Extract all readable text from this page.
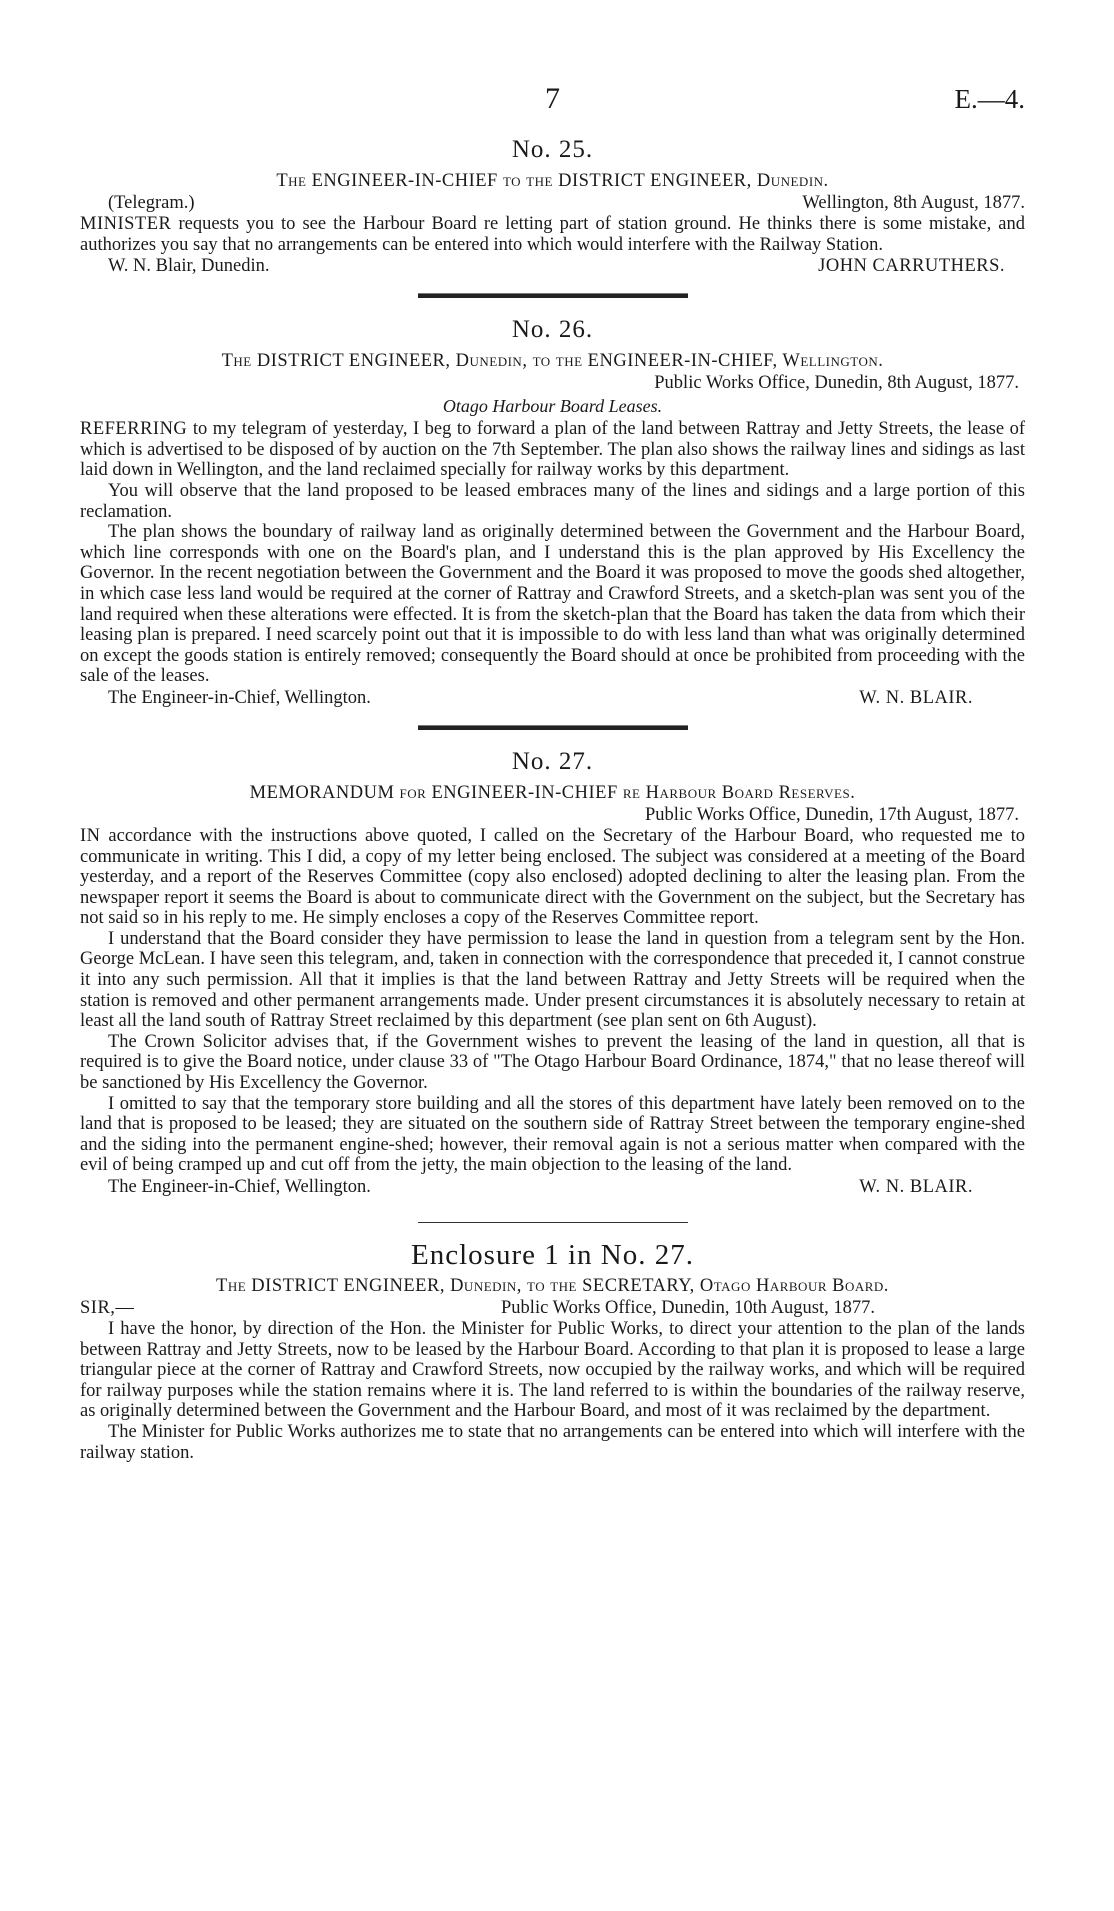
7	E.—4.
No. 25.
The ENGINEER-IN-CHIEF to the DISTRICT ENGINEER, Dunedin.
(Telegram.)	Wellington, 8th August, 1877.

MINISTER requests you to see the Harbour Board re letting part of station ground. He thinks there is some mistake, and authorizes you say that no arrangements can be entered into which would interfere with the Railway Station.

W. N. Blair, Dunedin.	JOHN CARRUTHERS.
No. 26.
The DISTRICT ENGINEER, Dunedin, to the ENGINEER-IN-CHIEF, Wellington.
Public Works Office, Dunedin, 8th August, 1877.
Otago Harbour Board Leases.

REFERRING to my telegram of yesterday, I beg to forward a plan of the land between Rattray and Jetty Streets, the lease of which is advertised to be disposed of by auction on the 7th September. The plan also shows the railway lines and sidings as last laid down in Wellington, and the land reclaimed specially for railway works by this department.

You will observe that the land proposed to be leased embraces many of the lines and sidings and a large portion of this reclamation.

The plan shows the boundary of railway land as originally determined between the Government and the Harbour Board, which line corresponds with one on the Board's plan, and I understand this is the plan approved by His Excellency the Governor. In the recent negotiation between the Government and the Board it was proposed to move the goods shed altogether, in which case less land would be required at the corner of Rattray and Crawford Streets, and a sketch-plan was sent you of the land required when these alterations were effected. It is from the sketch-plan that the Board has taken the data from which their leasing plan is prepared. I need scarcely point out that it is impossible to do with less land than what was originally determined on except the goods station is entirely removed; consequently the Board should at once be prohibited from proceeding with the sale of the leases.

The Engineer-in-Chief, Wellington.	W. N. BLAIR.
No. 27.
MEMORANDUM for ENGINEER-IN-CHIEF re Harbour Board Reserves.
Public Works Office, Dunedin, 17th August, 1877.

IN accordance with the instructions above quoted, I called on the Secretary of the Harbour Board, who requested me to communicate in writing. This I did, a copy of my letter being enclosed. The subject was considered at a meeting of the Board yesterday, and a report of the Reserves Committee (copy also enclosed) adopted declining to alter the leasing plan. From the newspaper report it seems the Board is about to communicate direct with the Government on the subject, but the Secretary has not said so in his reply to me. He simply encloses a copy of the Reserves Committee report.

I understand that the Board consider they have permission to lease the land in question from a telegram sent by the Hon. George McLean. I have seen this telegram, and, taken in connection with the correspondence that preceded it, I cannot construe it into any such permission. All that it implies is that the land between Rattray and Jetty Streets will be required when the station is removed and other permanent arrangements made. Under present circumstances it is absolutely necessary to retain at least all the land south of Rattray Street reclaimed by this department (see plan sent on 6th August).

The Crown Solicitor advises that, if the Government wishes to prevent the leasing of the land in question, all that is required is to give the Board notice, under clause 33 of "The Otago Harbour Board Ordinance, 1874," that no lease thereof will be sanctioned by His Excellency the Governor.

I omitted to say that the temporary store building and all the stores of this department have lately been removed on to the land that is proposed to be leased; they are situated on the southern side of Rattray Street between the temporary engine-shed and the siding into the permanent engine-shed; however, their removal again is not a serious matter when compared with the evil of being cramped up and cut off from the jetty, the main objection to the leasing of the land.

The Engineer-in-Chief, Wellington.	W. N. BLAIR.
Enclosure 1 in No. 27.
The DISTRICT ENGINEER, Dunedin, to the SECRETARY, Otago Harbour Board.
SIR,—	Public Works Office, Dunedin, 10th August, 1877.

I have the honor, by direction of the Hon. the Minister for Public Works, to direct your attention to the plan of the lands between Rattray and Jetty Streets, now to be leased by the Harbour Board. According to that plan it is proposed to lease a large triangular piece at the corner of Rattray and Crawford Streets, now occupied by the railway works, and which will be required for railway purposes while the station remains where it is. The land referred to is within the boundaries of the railway reserve, as originally determined between the Government and the Harbour Board, and most of it was reclaimed by the department.

The Minister for Public Works authorizes me to state that no arrangements can be entered into which will interfere with the railway station.
